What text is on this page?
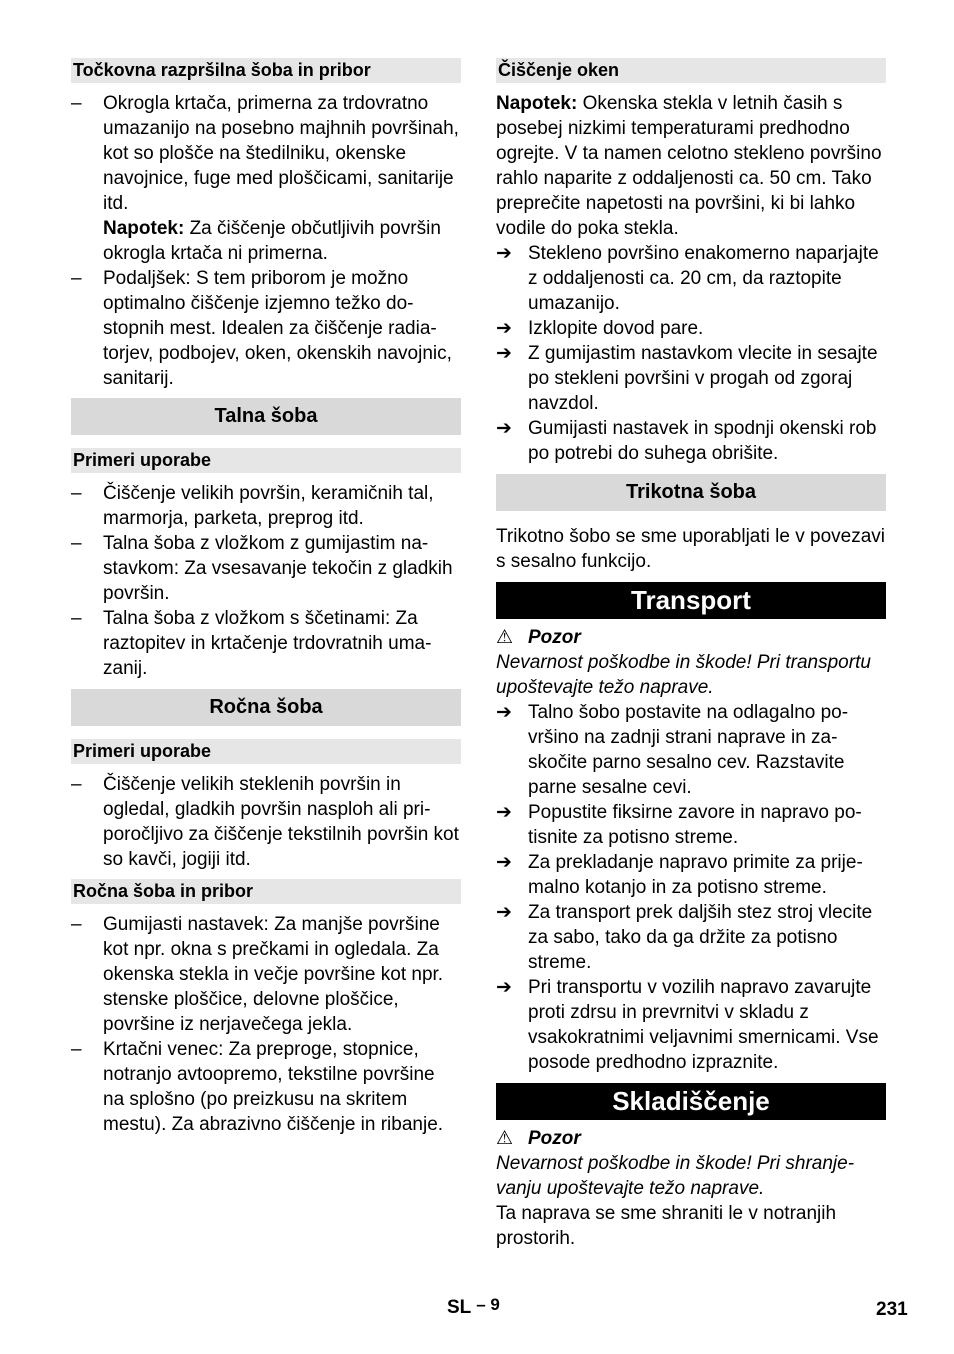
Točkovna razpršilna šoba in pribor
–	Okrogla krtača, primerna za trdovratno umazanijo na posebno majhnih površinah, kot so plošče na štedilniku, okenske navojnice, fuge med ploščicami, sanitarije itd.
Napotek: Za čiščenje občutljivih površin okrogla krtača ni primerna.
–	Podaljšek: S tem priborom je možno optimalno čiščenje izjemno težko dostopnih mest. Idealen za čiščenje radiatorjev, podbojev, oken, okenskih navojnic, sanitarij.
Talna šoba
Primeri uporabe
–	Čiščenje velikih površin, keramičnih tal, marmorja, parketa, preprog itd.
–	Talna šoba z vložkom z gumijastim nastavkom: Za vsesavanje tekočin z gladkih površin.
–	Talna šoba z vložkom s ščetinami: Za raztopitev in krtačenje trdovratnih umazanij.
Ročna šoba
Primeri uporabe
–	Čiščenje velikih steklenih površin in ogledal, gladkih površin nasploh ali priporočljivo za čiščenje tekstilnih površin kot so kavči, jogiji itd.
Ročna šoba in pribor
–	Gumijasti nastavek: Za manjše površine kot npr. okna s prečkami in ogledala. Za okenska stekla in večje površine kot npr. stenske ploščice, delovne ploščice, površine iz nerjavečega jekla.
–	Krtačni venec: Za preproge, stopnice, notranjo avtoopremo, tekstilne površine na splošno (po preizkusu na skritem mestu). Za abrazivno čiščenje in ribanje.
Čiščenje oken
Napotek: Okenska stekla v letnih časih s posebej nizkimi temperaturami predhodno ogrejte. V ta namen celotno stekleno površino rahlo naparite z oddaljenosti ca. 50 cm. Tako preprečite napetosti na površini, ki bi lahko vodile do poka stekla.
➔ Stekleno površino enakomerno naparjajte z oddaljenosti ca. 20 cm, da raztopite umazanijo.
➔ Izklopite dovod pare.
➔ Z gumijastim nastavkom vlecite in sesajte po stekleni površini v progah od zgoraj navzdol.
➔ Gumijasti nastavek in spodnji okenski rob po potrebi do suhega obrišite.
Trikotna šoba
Trikotno šobo se sme uporabljati le v povezavi s sesalno funkcijo.
Transport
⚠ Pozor
Nevarnost poškodbe in škode! Pri transportu upoštevajte težo naprave.
➔ Talno šobo postavite na odlagalno površino na zadnji strani naprave in zaskočite parno sesalno cev. Razstavite parne sesalne cevi.
➔ Popustite fiksirne zavore in napravo potisnite za potisno streme.
➔ Za prekladanje napravo primite za prijemalno kotanjo in za potisno streme.
➔ Za transport prek daljših stez stroj vlecite za sabo, tako da ga držite za potisno streme.
➔ Pri transportu v vozilih napravo zavarujte proti zdrsu in prevrnitvi v skladu z vsakokratnimi veljavnimi smernicami. Vse posode predhodno izpraznite.
Skladiščenje
⚠ Pozor
Nevarnost poškodbe in škode! Pri shranjevanju upoštevajte težo naprave.
Ta naprava se sme shraniti le v notranjih prostorih.
SL – 9	231
